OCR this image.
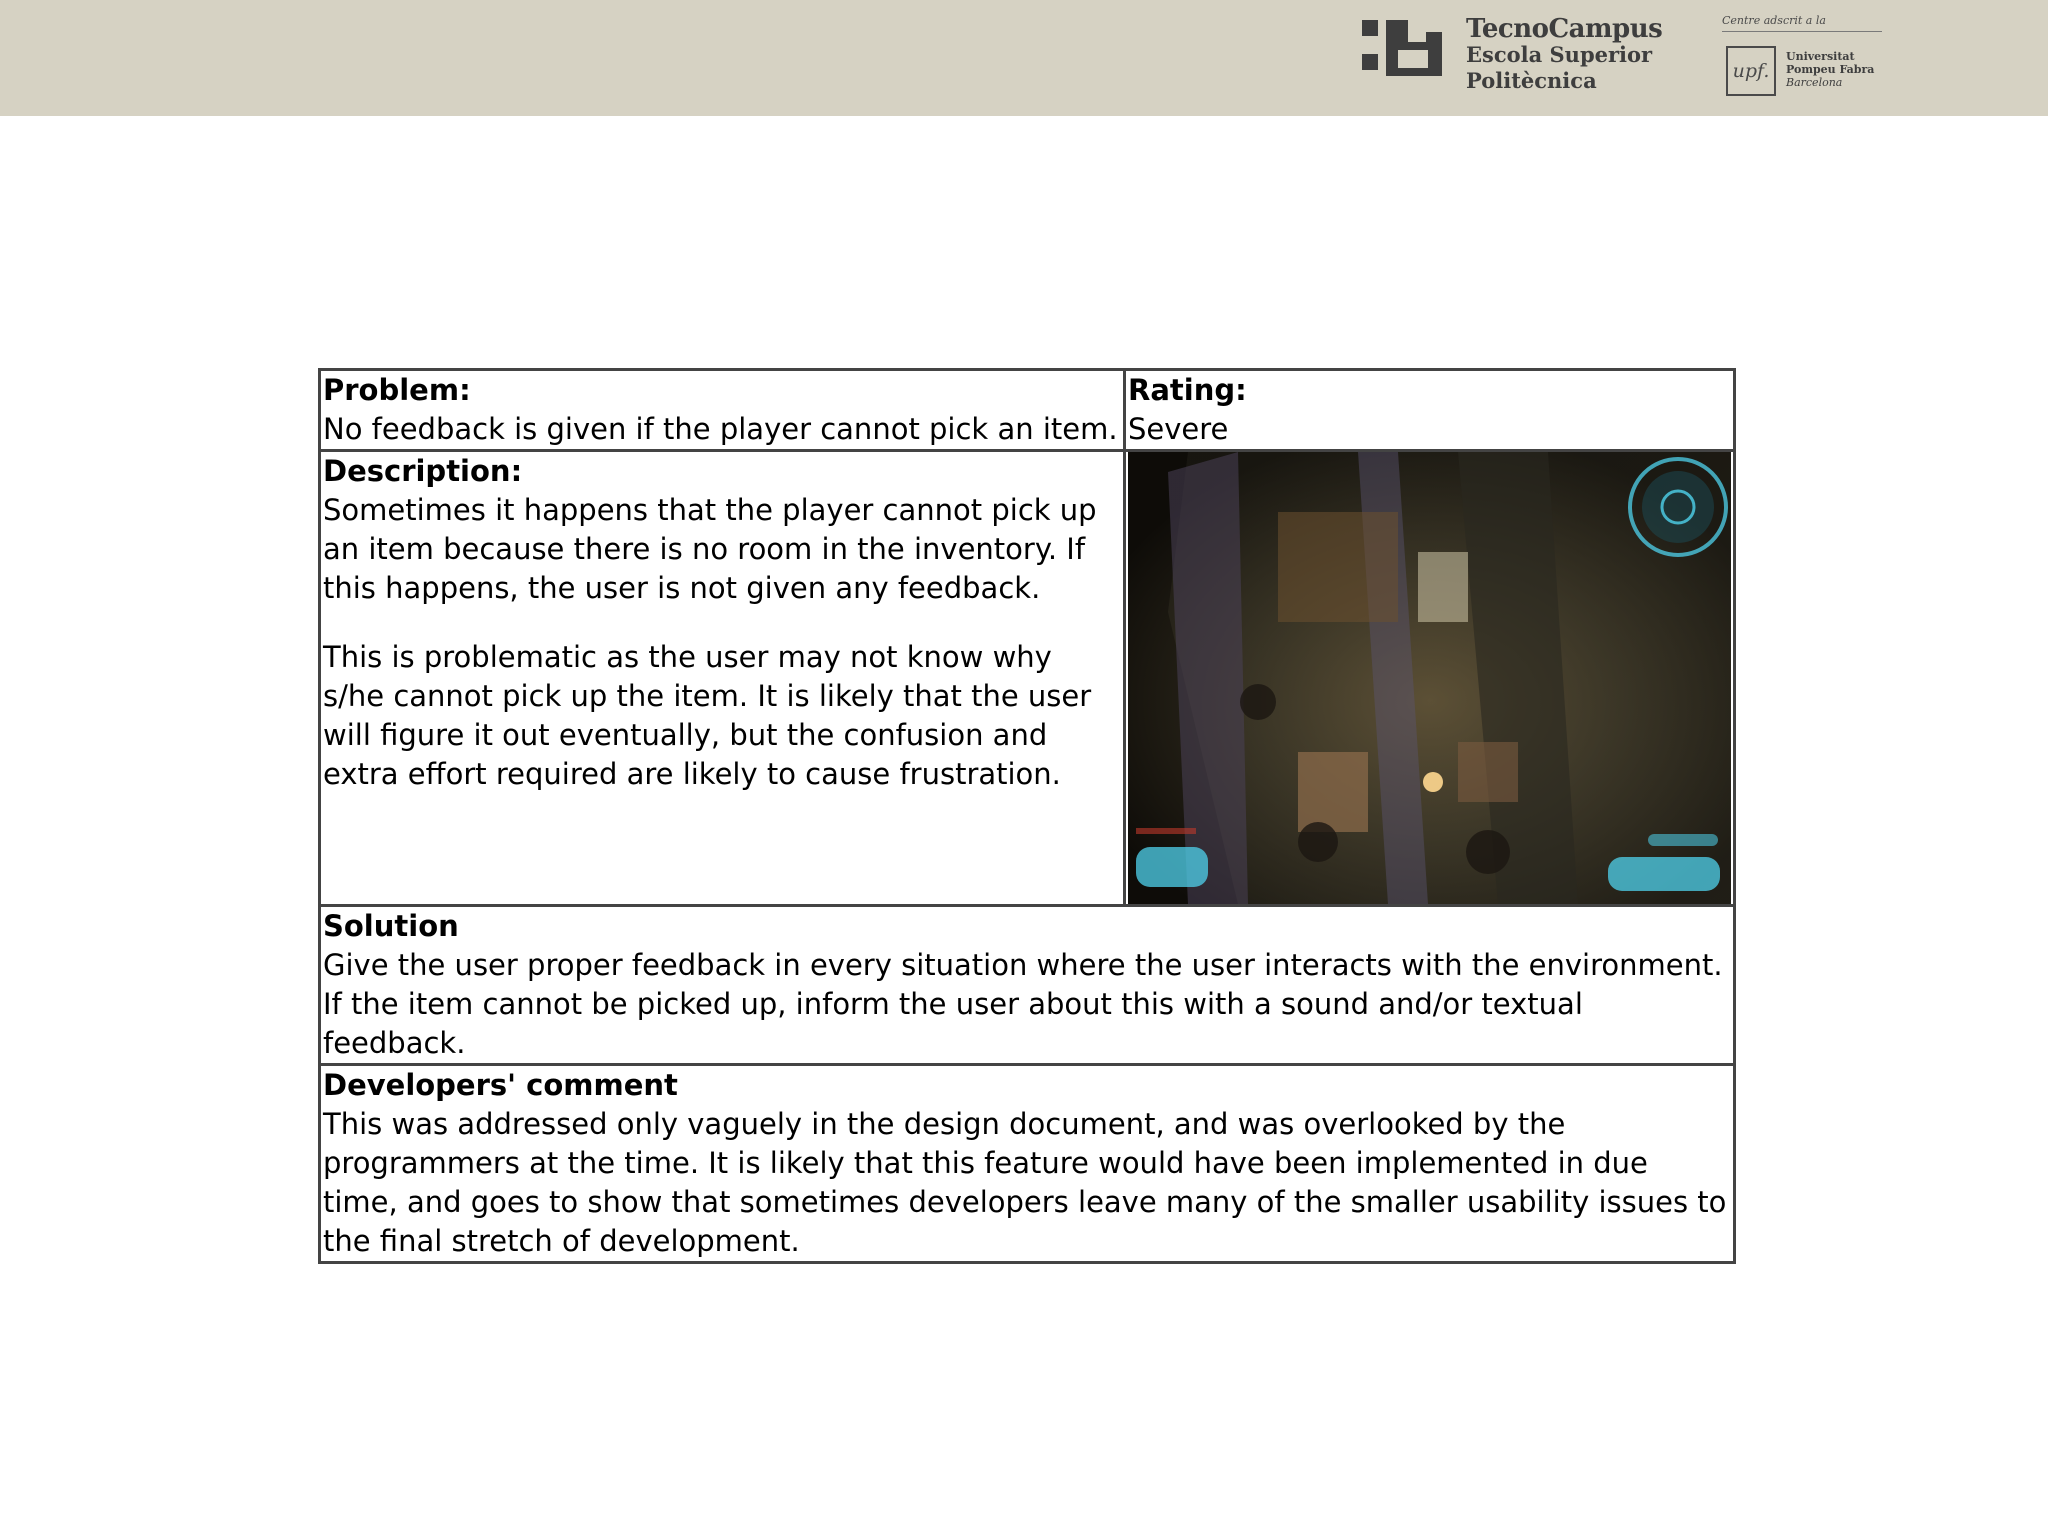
TecnoCampus
Escola Superior
Politècnica
Centre adscrit a la
upf.
Universitat
Pompeu Fabra
Barcelona
Problem:
No feedback is given if the player cannot pick an item.	Rating:
Severe

Description:

Sometimes it happens that the player cannot pick up an item because there is no room in the inventory. If this happens, the user is not given any feedback.

This is problematic as the user may not know why s/he cannot pick up the item. It is likely that the user will figure it out eventually, but the confusion and extra effort required are likely to cause frustration.

Solution
Give the user proper feedback in every situation where the user interacts with the environment. If the item cannot be picked up, inform the user about this with a sound and/or textual feedback.	

Developers' comment
This was addressed only vaguely in the design document, and was overlooked by the programmers at the time. It is likely that this feature would have been implemented in due time, and goes to show that sometimes developers leave many of the smaller usability issues to the final stretch of development.	
